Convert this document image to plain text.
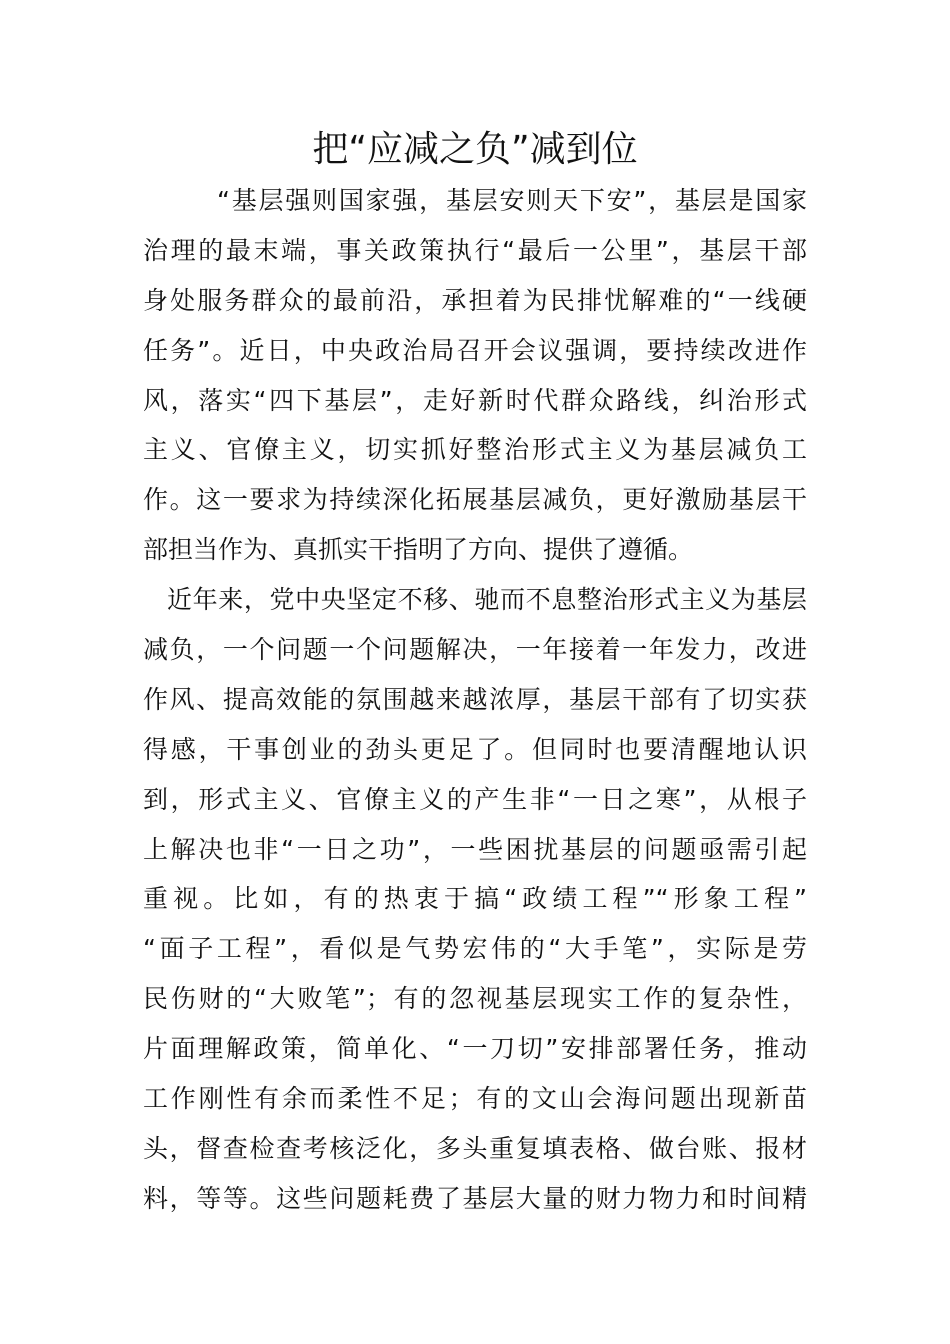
把“应减之负”减到位
“基层强则国家强，基层安则天下安”，基层是国家
治理的最末端，事关政策执行“最后一公里”，基层干部
身处服务群众的最前沿，承担着为民排忧解难的“一线硬
任务”。近日，中央政治局召开会议强调，要持续改进作
风，落实“四下基层”，走好新时代群众路线，纠治形式
主义、官僚主义，切实抓好整治形式主义为基层减负工
作。这一要求为持续深化拓展基层减负，更好激励基层干
部担当作为、真抓实干指明了方向、提供了遵循。
近年来，党中央坚定不移、驰而不息整治形式主义为基层
减负，一个问题一个问题解决，一年接着一年发力，改进
作风、提高效能的氛围越来越浓厚，基层干部有了切实获
得感，干事创业的劲头更足了。但同时也要清醒地认识
到，形式主义、官僚主义的产生非“一日之寒”，从根子
上解决也非“一日之功”，一些困扰基层的问题亟需引起
重视。比如，有的热衷于搞“政绩工程”“形象工程”
“面子工程”，看似是气势宏伟的“大手笔”，实际是劳
民伤财的“大败笔”；有的忽视基层现实工作的复杂性，
片面理解政策，简单化、“一刀切”安排部署任务，推动
工作刚性有余而柔性不足；有的文山会海问题出现新苗
头，督查检查考核泛化，多头重复填表格、做台账、报材
料，等等。这些问题耗费了基层大量的财力物力和时间精
